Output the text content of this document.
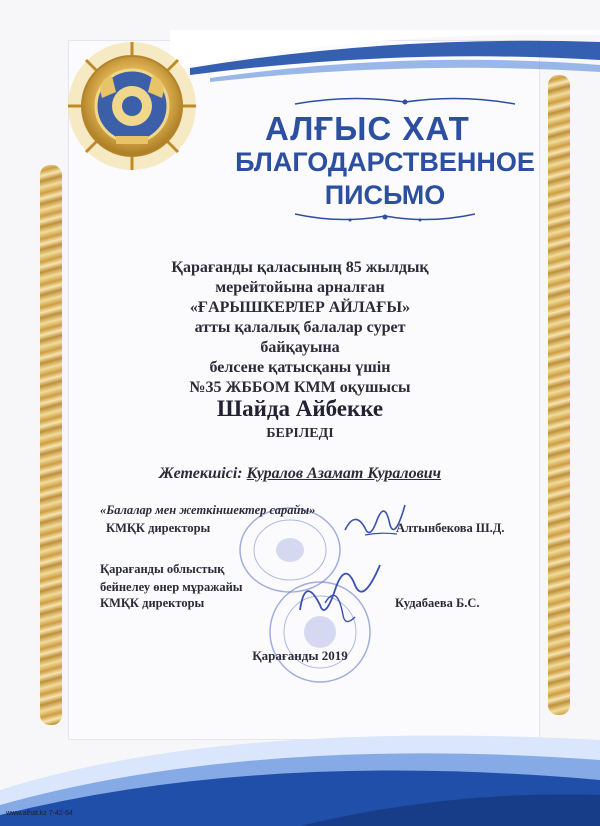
АЛҒЫС ХАТ
БЛАГОДАРСТВЕННОЕ
ПИСЬМО
Қарағанды қаласының 85 жылдық
мерейтойына арналған
«ҒАРЫШКЕРЛЕР АЙЛАҒЫ»
атты қалалық балалар сурет
байқауына
белсене қатысқаны үшін
№35 ЖББОМ КММ оқушысы
Шайда Айбекке
БЕРІЛЕДІ
Жетекшісі: Куралов Азамат Куралович
«Балалар мен жеткіншектер сарайы»
КМҚК директоры	Алтынбекова Ш.Д.
Қарағанды облыстық
бейнелеу өнер мұражайы
КМҚК директоры	Кудабаева Б.С.
Қарағанды 2019
www.alhat.kz 7-42-64
